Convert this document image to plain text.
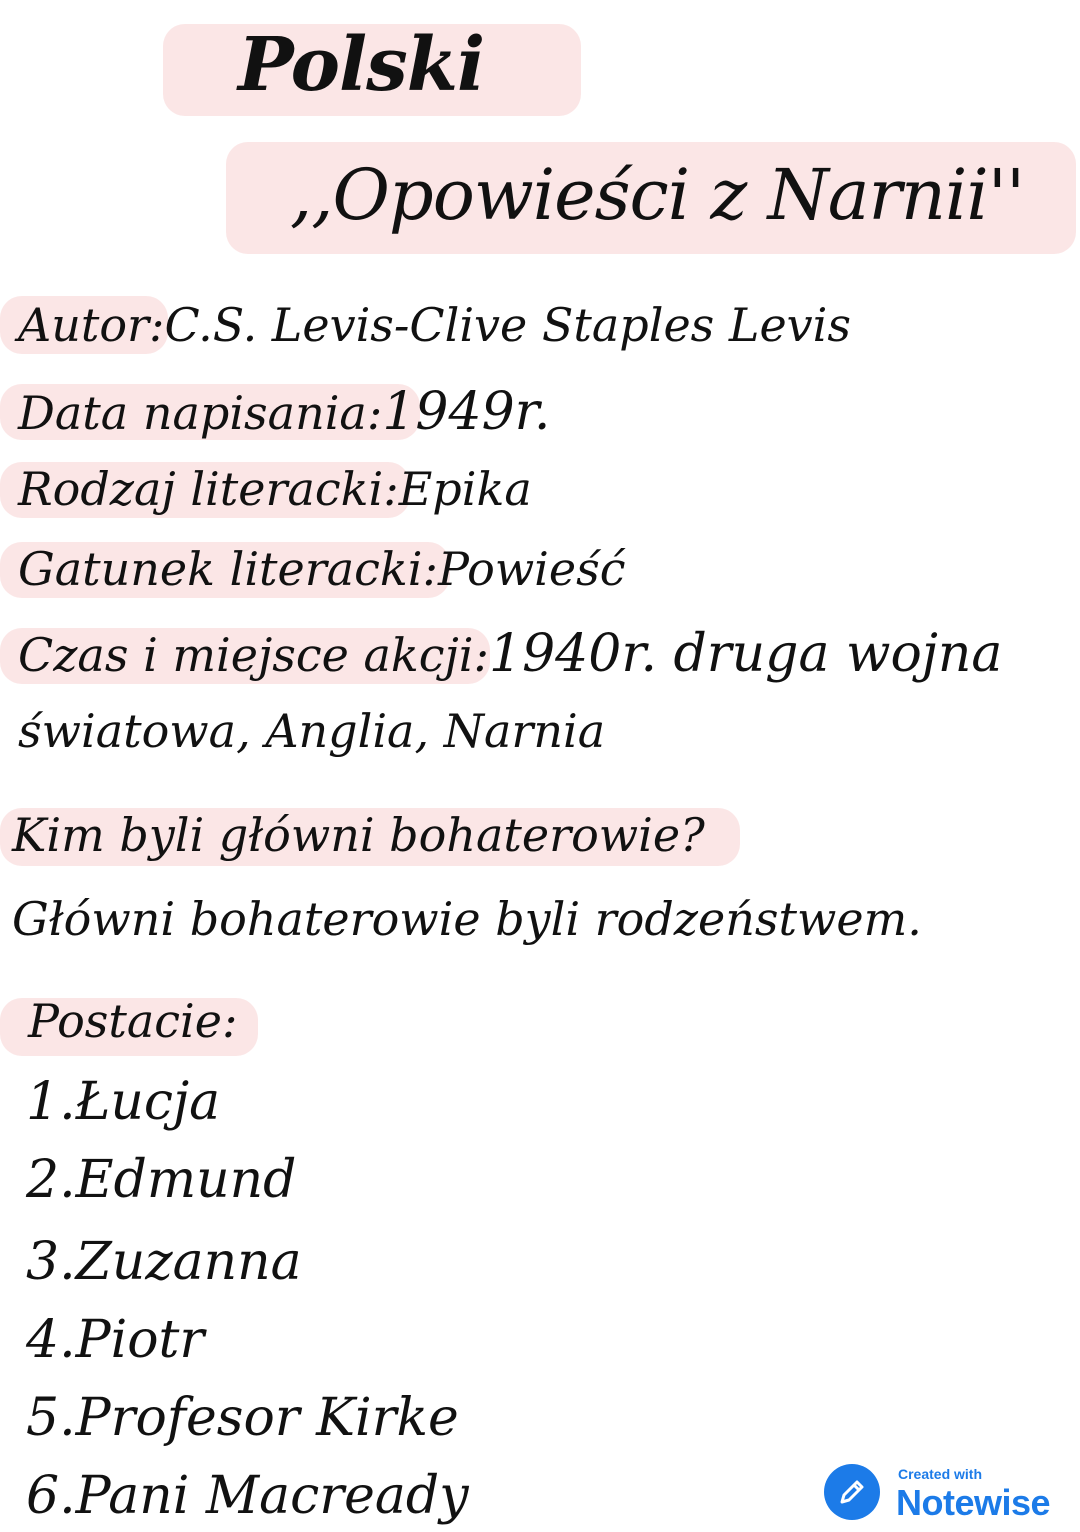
Polski
,,Opowieści z Narnii''
Autor:C.S. Levis-Clive Staples Levis
Data napisania:1949r.
Rodzaj literacki:Epika
Gatunek literacki:Powieść
Czas i miejsce akcji:1940r. druga wojna
światowa, Anglia, Narnia
Kim byli główni bohaterowie?
Główni bohaterowie byli rodzeństwem.
Postacie:
1.Łucja
2.Edmund
3.Zuzanna
4.Piotr
5.Profesor Kirke
6.Pani Macready	Created with
Notewise
